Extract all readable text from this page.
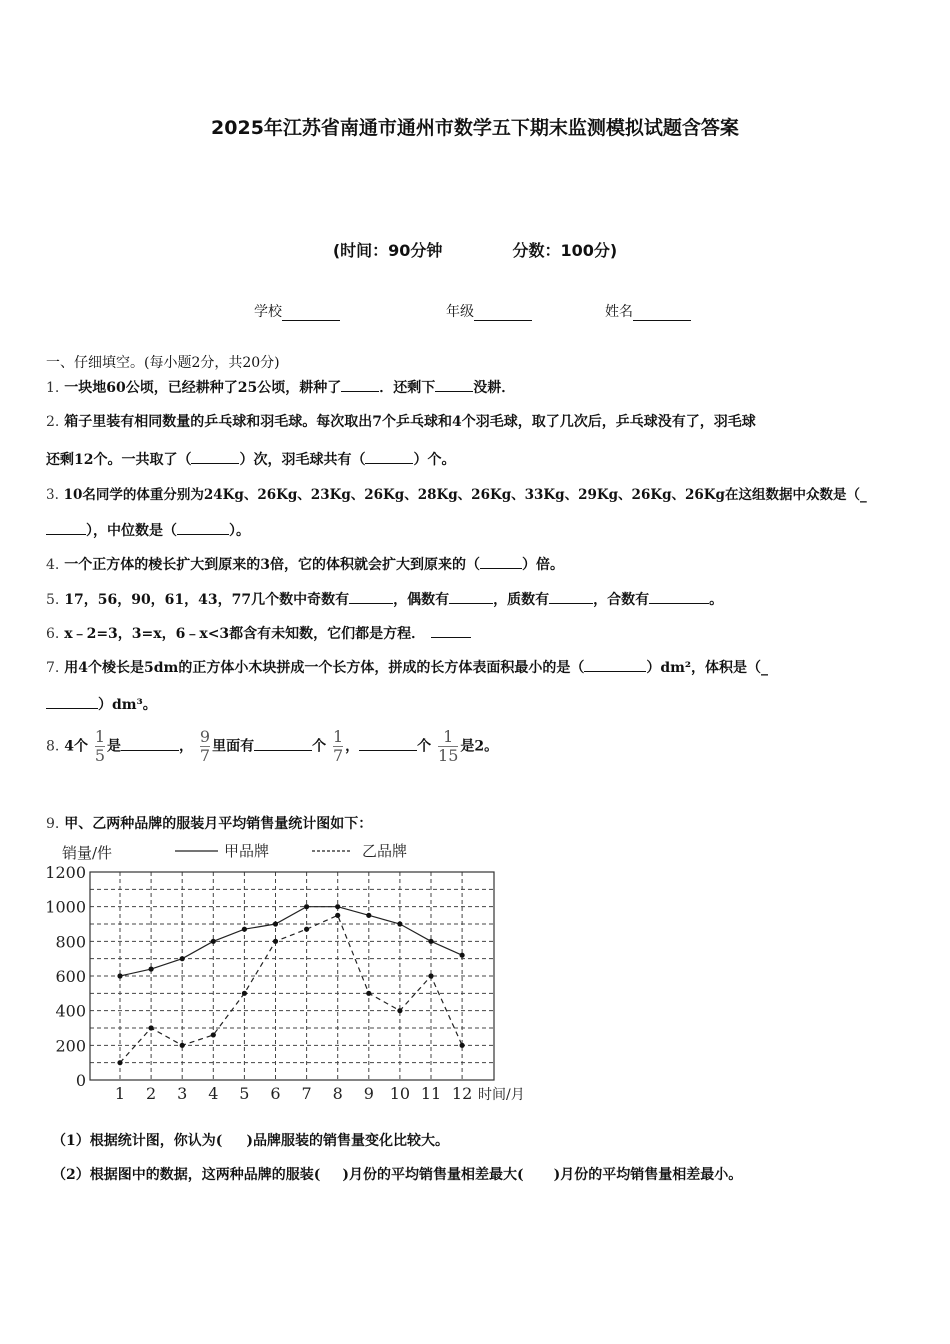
2025年江苏省南通市通州市数学五下期末监测模拟试题含答案
(时间：90分钟	分数：100分)
学校	年级	姓名
一、仔细填空。(每小题2分，共20分)
1. 一块地60公顷，已经耕种了25公顷，耕种了	．还剩下	没耕．
2. 箱子里装有相同数量的乒乓球和羽毛球。每次取出7个乒乓球和4个羽毛球，取了几次后，乒乓球没有了，羽毛球
还剩12个。一共取了（	）次，羽毛球共有（	）个。
3. 10名同学的体重分别为24Kg、26Kg、23Kg、26Kg、28Kg、26Kg、33Kg、29Kg、26Kg、26Kg在这组数据中众数是（_
），中位数是（	）。
4. 一个正方体的棱长扩大到原来的3倍，它的体积就会扩大到原来的（	）倍。
5. 17，56，90，61，43，77几个数中奇数有	，偶数有	，质数有	，合数有	。
6. x﹣2=3，3=x，6﹣x<3都含有未知数，它们都是方程．
7. 用4个棱长是5dm的正方体小木块拼成一个长方体，拼成的长方体表面积最小的是（	）dm²，体积是（_
）dm³。
8. 4个 $\frac{1}{5}$ 是	， $\frac{9}{7}$ 里面有	个 $\frac{1}{7}$ ，	个 $\frac{1}{15}$ 是2。
9. 甲、乙两种品牌的服装月平均销售量统计图如下：
销量/件	甲品牌	乙品牌
0
200
400
600
800
1000
1200
1 2 3 4 5 6 7 8 9 10 11 12 时间/月
（1）根据统计图，你认为( )品牌服装的销售量变化比较大。
（2）根据图中的数据，这两种品牌的服装( )月份的平均销售量相差最大( )月份的平均销售量相差最小。
